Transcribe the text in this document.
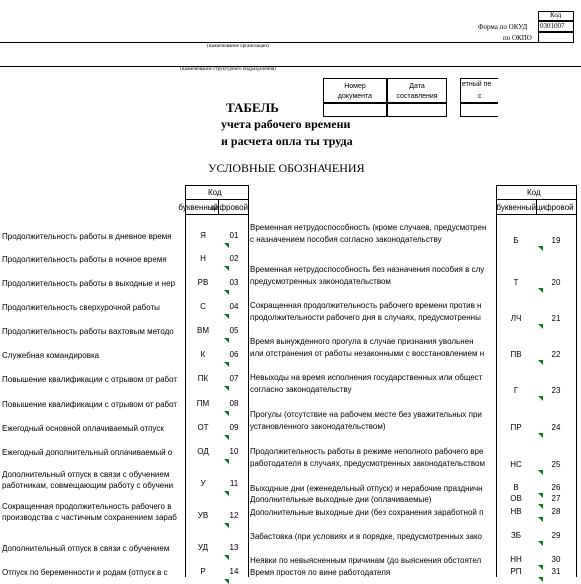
Код
0301007
Форма по ОКУД
по ОКПО
(наименование организации)
(наименование структурного подразделения)
Номер документа
Дата составления
етный пе
с
ТАБЕЛЬ
учета рабочего времени
и расчета опла ты труда
УСЛОВНЫЕ ОБОЗНАЧЕНИЯ
Код
буквенный
цифровой
Код
буквенный цифровой
Продолжительность работы в дневное время	Я	01
Продолжительность работы в ночное время	Н	02
Продолжительность работы в выходные и нер	РВ	03
Продолжительность сверхурочной работы	С	04
Продолжительность работы вахтовым методо	ВМ	05
Служебная командировка	К	06
Повышение квалификации с отрывом от работ	ПК	07
Повышение квалификации с отрывом от работ	ПМ	08
Ежегодный основной оплачиваемый отпуск	ОТ	09
Ежегодный дополнительный оплачиваемый о	ОД	10
Дополнительный отпуск в связи с обучением
работникам, совмещающим работу с обучени	У	11
Сокращенная продолжительность рабочего в
производства с частичным сохранением зараб	УВ	12
Дополнительный отпуск в связи с обучением	УД	13
Отпуск по беременности и родам (отпуск в с	Р	14
Временная нетрудоспособность (кроме случаев, предусмотрен
с назначением пособия согласно законодательству	Б	19
Временная нетрудоспособность без назначения пособия в слу
предусмотренных законодательством	Т	20
Сокращенная продолжительность рабочего времени против н
продолжительности рабочего дня в случаях, предусмотренны	ЛЧ	21
Время вынужденного прогула в случае признания увольнен
или отстранения от работы незаконными с восстановлением н	ПВ	22
Невыходы на время исполнения государственных или общест
согласно законодательству	Г	23
Прогулы (отсутствие на рабочем месте без уважительных при
установленного законодательством)	ПР	24
Продолжительность работы в режиме неполного рабочего вре
работодателя в случаях, предусмотренных законодательством	НС	25
Выходные дни (еженедельный отпуск) и нерабочие праздничн	В	26
Дополнительные выходные дни (оплачиваемые)	ОВ	27
Дополнительные выходные дни (без сохранения заработной п	НВ	28
Забастовка (при условиях и в порядке, предусмотренных зако	ЗБ	29
Неявки по невыясненным причинам (до выяснения обстоятел	НН	30
Время простоя по вине работодателя	РП	31
